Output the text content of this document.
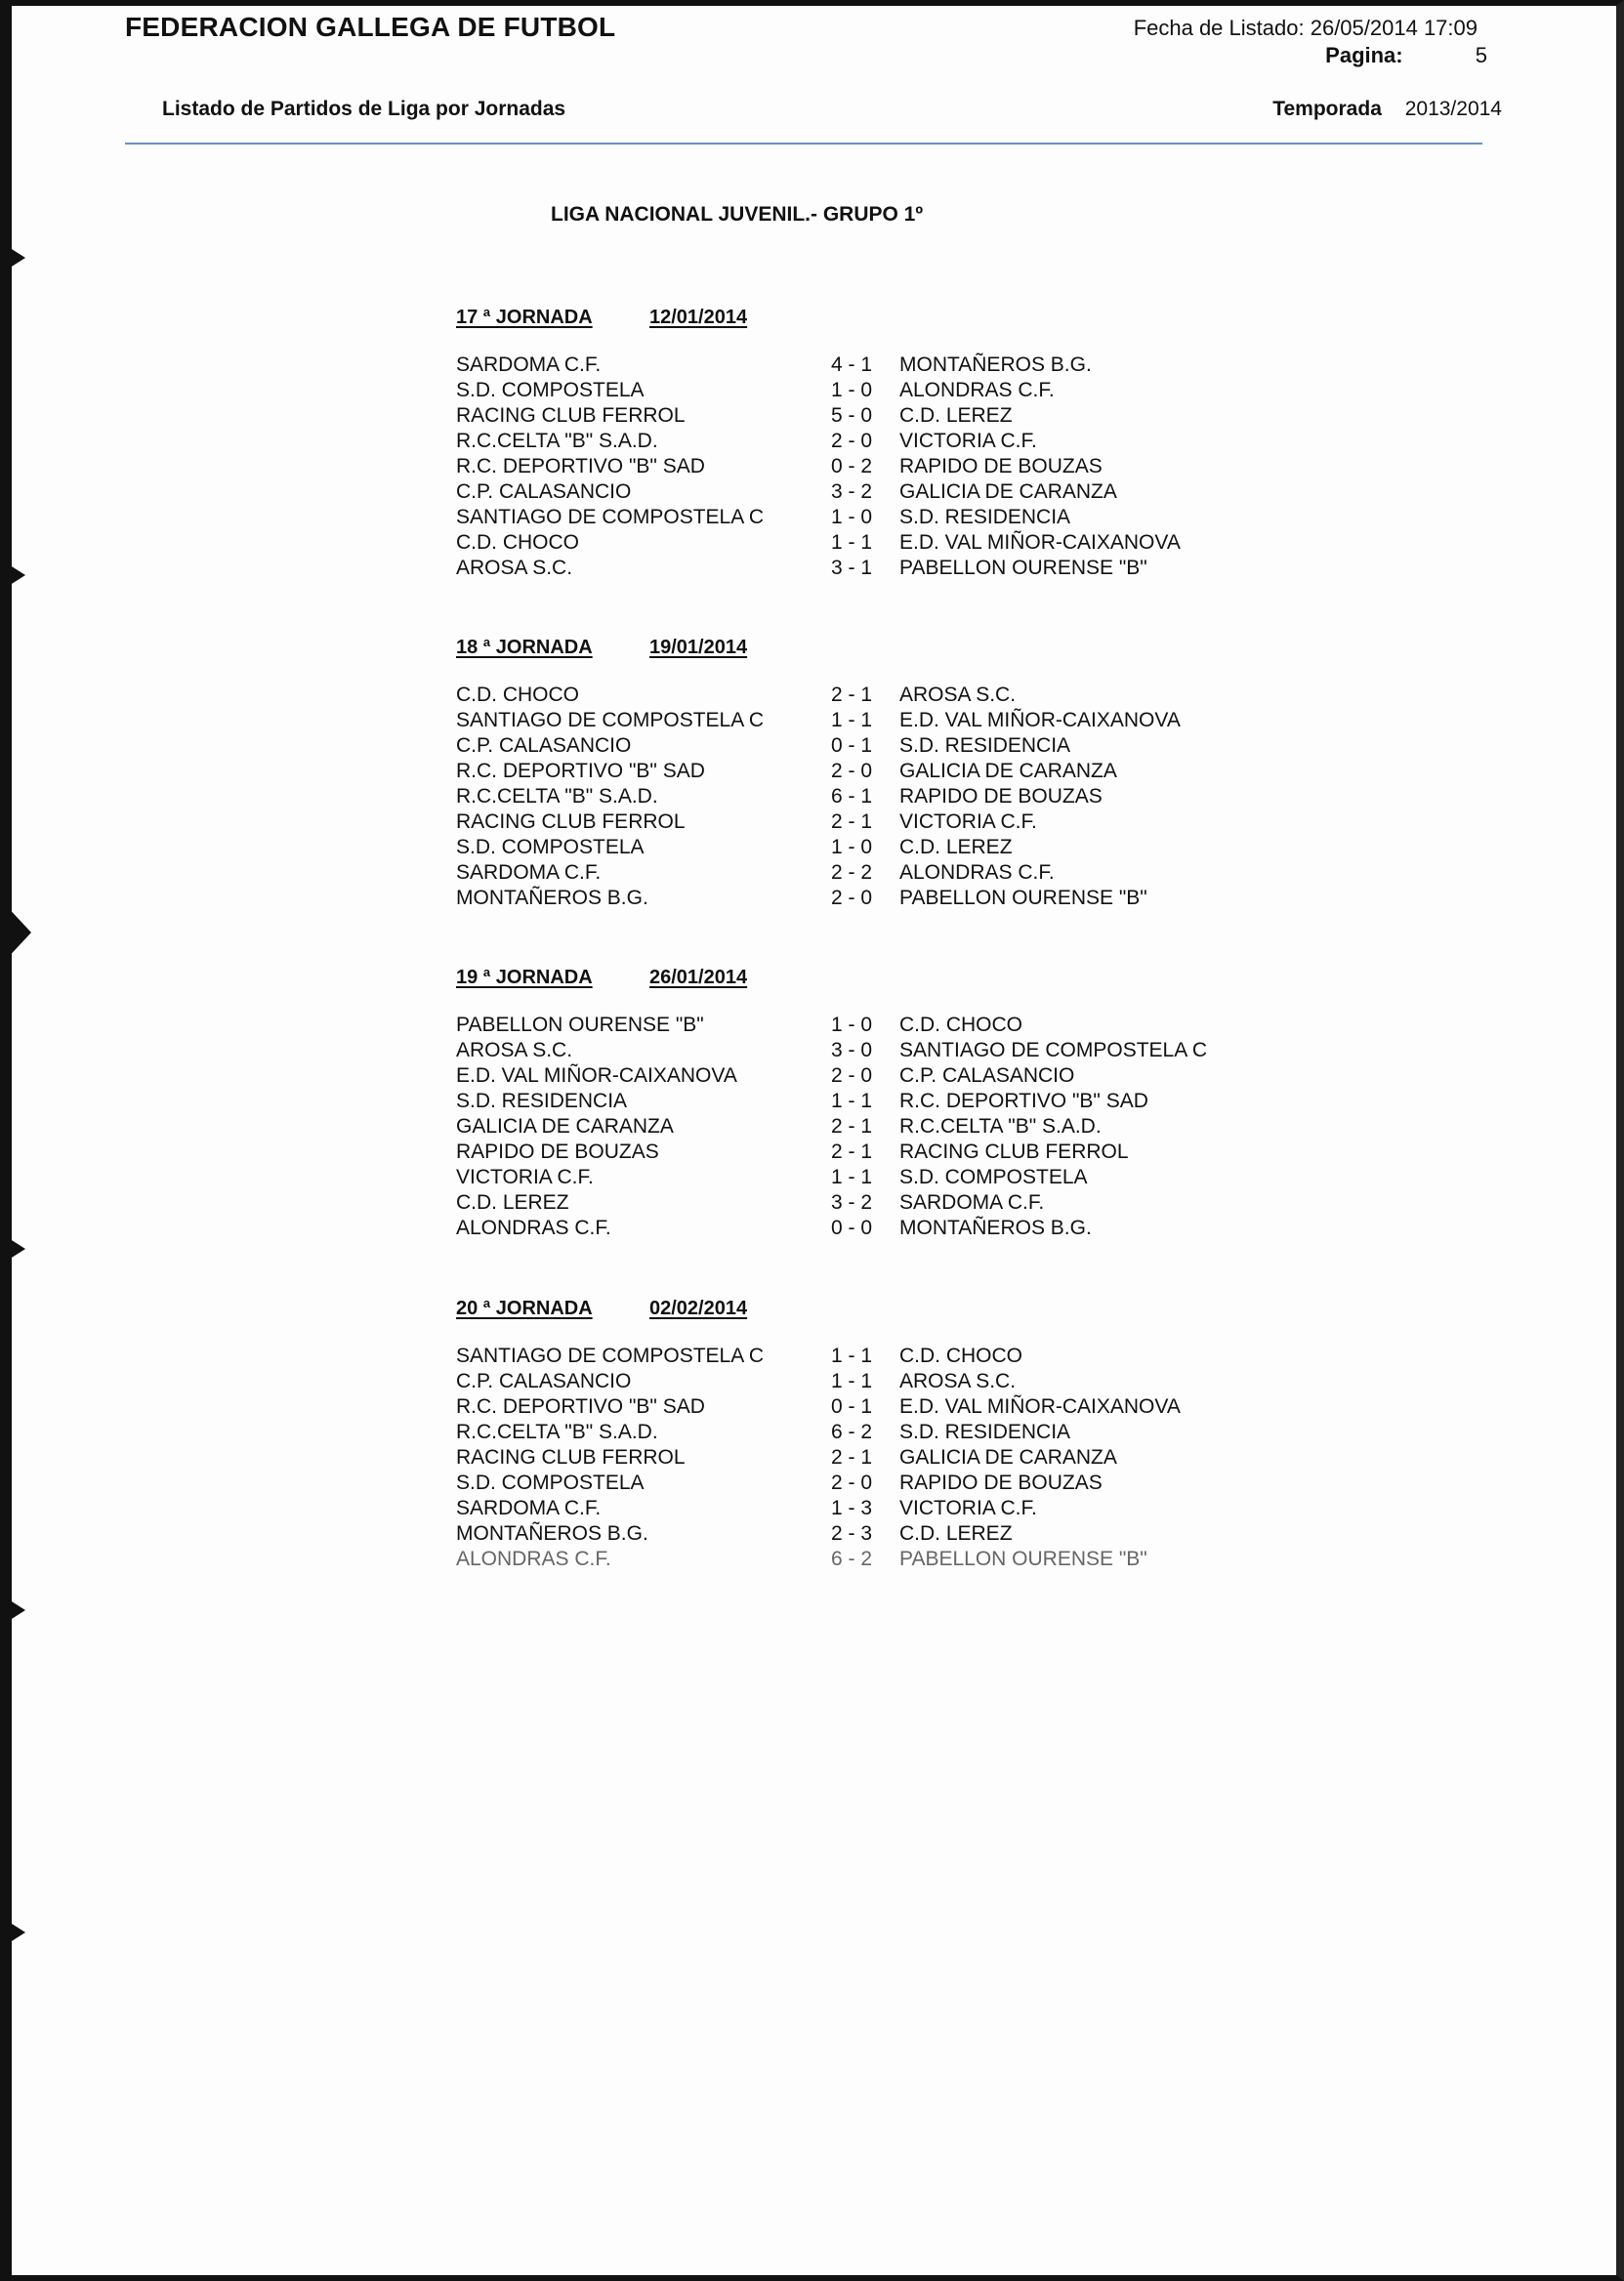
FEDERACION GALLEGA DE FUTBOL	Fecha de Listado: 26/05/2014 17:09
Pagina:	5
Listado de Partidos de Liga por Jornadas	Temporada 2013/2014
LIGA NACIONAL JUVENIL.- GRUPO 1º
17 ª JORNADA	12/01/2014
SARDOMA C.F.	4 - 1 MONTAÑEROS B.G.
S.D. COMPOSTELA	1 - 0 ALONDRAS C.F.
RACING CLUB FERROL	5 - 0 C.D. LEREZ
R.C.CELTA "B" S.A.D.	2 - 0 VICTORIA C.F.
R.C. DEPORTIVO "B" SAD	0 - 2 RAPIDO DE BOUZAS
C.P. CALASANCIO	3 - 2 GALICIA DE CARANZA
SANTIAGO DE COMPOSTELA C	1 - 0 S.D. RESIDENCIA
C.D. CHOCO	1 - 1 E.D. VAL MIÑOR-CAIXANOVA
AROSA S.C.	3 - 1 PABELLON OURENSE "B"
18 ª JORNADA	19/01/2014
C.D. CHOCO	2 - 1 AROSA S.C.
SANTIAGO DE COMPOSTELA C	1 - 1 E.D. VAL MIÑOR-CAIXANOVA
C.P. CALASANCIO	0 - 1 S.D. RESIDENCIA
R.C. DEPORTIVO "B" SAD	2 - 0 GALICIA DE CARANZA
R.C.CELTA "B" S.A.D.	6 - 1 RAPIDO DE BOUZAS
RACING CLUB FERROL	2 - 1 VICTORIA C.F.
S.D. COMPOSTELA	1 - 0 C.D. LEREZ
SARDOMA C.F.	2 - 2 ALONDRAS C.F.
MONTAÑEROS B.G.	2 - 0 PABELLON OURENSE "B"
19 ª JORNADA	26/01/2014
PABELLON OURENSE "B"	1 - 0 C.D. CHOCO
AROSA S.C.	3 - 0 SANTIAGO DE COMPOSTELA C
E.D. VAL MIÑOR-CAIXANOVA	2 - 0 C.P. CALASANCIO
S.D. RESIDENCIA	1 - 1 R.C. DEPORTIVO "B" SAD
GALICIA DE CARANZA	2 - 1 R.C.CELTA "B" S.A.D.
RAPIDO DE BOUZAS	2 - 1 RACING CLUB FERROL
VICTORIA C.F.	1 - 1 S.D. COMPOSTELA
C.D. LEREZ	3 - 2 SARDOMA C.F.
ALONDRAS C.F.	0 - 0 MONTAÑEROS B.G.
20 ª JORNADA	02/02/2014
SANTIAGO DE COMPOSTELA C	1 - 1 C.D. CHOCO
C.P. CALASANCIO	1 - 1 AROSA S.C.
R.C. DEPORTIVO "B" SAD	0 - 1 E.D. VAL MIÑOR-CAIXANOVA
R.C.CELTA "B" S.A.D.	6 - 2 S.D. RESIDENCIA
RACING CLUB FERROL	2 - 1 GALICIA DE CARANZA
S.D. COMPOSTELA	2 - 0 RAPIDO DE BOUZAS
SARDOMA C.F.	1 - 3 VICTORIA C.F.
MONTAÑEROS B.G.	2 - 3 C.D. LEREZ
ALONDRAS C.F.	6 - 2 PABELLON OURENSE "B"
